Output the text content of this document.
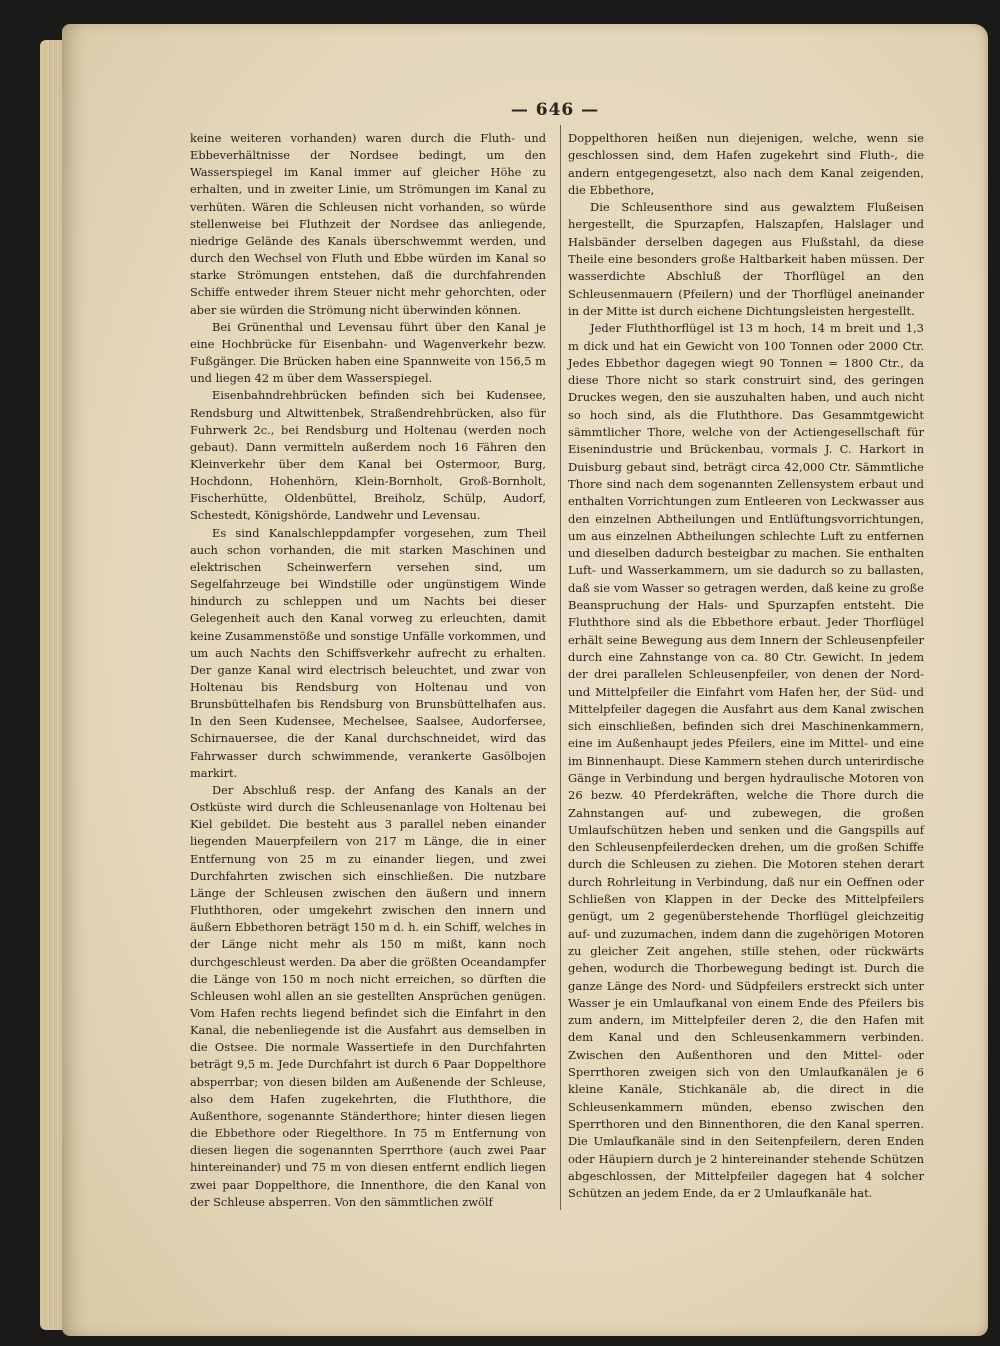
— 646 —

keine weiteren vorhanden) waren durch die Fluth- und Ebbeverhältnisse der Nordsee bedingt, um den Wasserspiegel im Kanal immer auf gleicher Höhe zu erhalten, und in zweiter Linie, um Strömungen im Kanal zu verhüten. Wären die Schleusen nicht vorhanden, so würde stellenweise bei Fluthzeit der Nordsee das anliegende, niedrige Gelände des Kanals überschwemmt werden, und durch den Wechsel von Fluth und Ebbe würden im Kanal so starke Strömungen entstehen, daß die durchfahrenden Schiffe entweder ihrem Steuer nicht mehr gehorchten, oder aber sie würden die Strömung nicht überwinden können.

Bei Grünenthal und Levensau führt über den Kanal je eine Hochbrücke für Eisenbahn- und Wagenverkehr bezw. Fußgänger. Die Brücken haben eine Spannweite von 156,5 m und liegen 42 m über dem Wasserspiegel.

Eisenbahndrehbrücken befinden sich bei Kudensee, Rendsburg und Altwittenbek, Straßendrehbrücken, also für Fuhrwerk 2c., bei Rendsburg und Holtenau (werden noch gebaut). Dann vermitteln außerdem noch 16 Fähren den Kleinverkehr über dem Kanal bei Ostermoor, Burg, Hochdonn, Hohenhörn, Klein-Bornholt, Groß-Bornholt, Fischerhütte, Oldenbüttel, Breiholz, Schülp, Audorf, Schestedt, Königshörde, Landwehr und Levensau.

Es sind Kanalschleppdampfer vorgesehen, zum Theil auch schon vorhanden, die mit starken Maschinen und elektrischen Scheinwerfern versehen sind, um Segelfahrzeuge bei Windstille oder ungünstigem Winde hindurch zu schleppen und um Nachts bei dieser Gelegenheit auch den Kanal vorweg zu erleuchten, damit keine Zusammenstöße und sonstige Unfälle vorkommen, und um auch Nachts den Schiffsverkehr aufrecht zu erhalten. Der ganze Kanal wird electrisch beleuchtet, und zwar von Holtenau bis Rendsburg von Holtenau und von Brunsbüttelhafen bis Rendsburg von Brunsbüttelhafen aus. In den Seen Kudensee, Mechelsee, Saalsee, Audorfersee, Schirnauersee, die der Kanal durchschneidet, wird das Fahrwasser durch schwimmende, verankerte Gasölbojen markirt.

Der Abschluß resp. der Anfang des Kanals an der Ostküste wird durch die Schleusenanlage von Holtenau bei Kiel gebildet. Die besteht aus 3 parallel neben einander liegenden Mauerpfeilern von 217 m Länge, die in einer Entfernung von 25 m zu einander liegen, und zwei Durchfahrten zwischen sich einschließen. Die nutzbare Länge der Schleusen zwischen den äußern und innern Fluththoren, oder umgekehrt zwischen den innern und äußern Ebbethoren beträgt 150 m d. h. ein Schiff, welches in der Länge nicht mehr als 150 m mißt, kann noch durchgeschleust werden. Da aber die größten Oceandampfer die Länge von 150 m noch nicht erreichen, so dürften die Schleusen wohl allen an sie gestellten Ansprüchen genügen. Vom Hafen rechts liegend befindet sich die Einfahrt in den Kanal, die nebenliegende ist die Ausfahrt aus demselben in die Ostsee. Die normale Wassertiefe in den Durchfahrten beträgt 9,5 m. Jede Durchfahrt ist durch 6 Paar Doppelthore absperrbar; von diesen bilden am Außenende der Schleuse, also dem Hafen zugekehrten, die Fluththore, die Außenthore, sogenannte Ständerthore; hinter diesen liegen die Ebbethore oder Riegelthore. In 75 m Entfernung von diesen liegen die sogenannten Sperrthore (auch zwei Paar hintereinander) und 75 m von diesen entfernt endlich liegen zwei paar Doppelthore, die Innenthore, die den Kanal von der Schleuse absperren. Von den sämmtlichen zwölf

Doppelthoren heißen nun diejenigen, welche, wenn sie geschlossen sind, dem Hafen zugekehrt sind Fluth-, die andern entgegengesetzt, also nach dem Kanal zeigenden, die Ebbethore,

Die Schleusenthore sind aus gewalztem Flußeisen hergestellt, die Spurzapfen, Halszapfen, Halslager und Halsbänder derselben dagegen aus Flußstahl, da diese Theile eine besonders große Haltbarkeit haben müssen. Der wasserdichte Abschluß der Thorflügel an den Schleusenmauern (Pfeilern) und der Thorflügel aneinander in der Mitte ist durch eichene Dichtungsleisten hergestellt.

Jeder Fluththorflügel ist 13 m hoch, 14 m breit und 1,3 m dick und hat ein Gewicht von 100 Tonnen oder 2000 Ctr. Jedes Ebbethor dagegen wiegt 90 Tonnen = 1800 Ctr., da diese Thore nicht so stark construirt sind, des geringen Druckes wegen, den sie auszuhalten haben, und auch nicht so hoch sind, als die Fluththore. Das Gesammtgewicht sämmtlicher Thore, welche von der Actiengesellschaft für Eisenindustrie und Brückenbau, vormals J. C. Harkort in Duisburg gebaut sind, beträgt circa 42,000 Ctr. Sämmtliche Thore sind nach dem sogenannten Zellensystem erbaut und enthalten Vorrichtungen zum Entleeren von Leckwasser aus den einzelnen Abtheilungen und Entlüftungsvorrichtungen, um aus einzelnen Abtheilungen schlechte Luft zu entfernen und dieselben dadurch besteigbar zu machen. Sie enthalten Luft- und Wasserkammern, um sie dadurch so zu ballasten, daß sie vom Wasser so getragen werden, daß keine zu große Beanspruchung der Hals- und Spurzapfen entsteht. Die Fluththore sind als die Ebbethore erbaut. Jeder Thorflügel erhält seine Bewegung aus dem Innern der Schleusenpfeiler durch eine Zahnstange von ca. 80 Ctr. Gewicht. In jedem der drei parallelen Schleusenpfeiler, von denen der Nord- und Mittelpfeiler die Einfahrt vom Hafen her, der Süd- und Mittelpfeiler dagegen die Ausfahrt aus dem Kanal zwischen sich einschließen, befinden sich drei Maschinenkammern, eine im Außenhaupt jedes Pfeilers, eine im Mittel- und eine im Binnenhaupt. Diese Kammern stehen durch unterirdische Gänge in Verbindung und bergen hydraulische Motoren von 26 bezw. 40 Pferdekräften, welche die Thore durch die Zahnstangen auf- und zubewegen, die großen Umlaufschützen heben und senken und die Gangspills auf den Schleusenpfeilerdecken drehen, um die großen Schiffe durch die Schleusen zu ziehen. Die Motoren stehen derart durch Rohrleitung in Verbindung, daß nur ein Oeffnen oder Schließen von Klappen in der Decke des Mittelpfeilers genügt, um 2 gegenüberstehende Thorflügel gleichzeitig auf- und zuzumachen, indem dann die zugehörigen Motoren zu gleicher Zeit angehen, stille stehen, oder rückwärts gehen, wodurch die Thorbewegung bedingt ist. Durch die ganze Länge des Nord- und Südpfeilers erstreckt sich unter Wasser je ein Umlaufkanal von einem Ende des Pfeilers bis zum andern, im Mittelpfeiler deren 2, die den Hafen mit dem Kanal und den Schleusenkammern verbinden. Zwischen den Außenthoren und den Mittel- oder Sperrthoren zweigen sich von den Umlaufkanälen je 6 kleine Kanäle, Stichkanäle ab, die direct in die Schleusenkammern münden, ebenso zwischen den Sperrthoren und den Binnenthoren, die den Kanal sperren. Die Umlaufkanäle sind in den Seitenpfeilern, deren Enden oder Häupiern durch je 2 hintereinander stehende Schützen abgeschlossen, der Mittelpfeiler dagegen hat 4 solcher Schützen an jedem Ende, da er 2 Umlaufkanäle hat.
